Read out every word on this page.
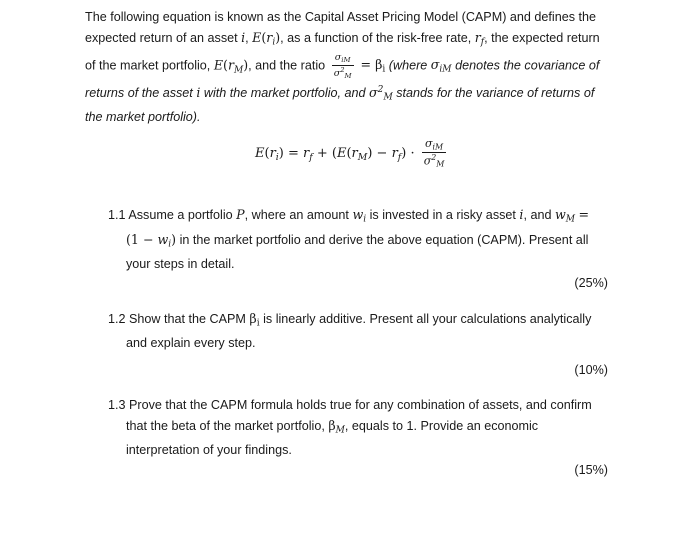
The following equation is known as the Capital Asset Pricing Model (CAPM) and defines the

expected return of an asset i, $E(r_i)$, as a function of the risk-free rate, $r_f$, the expected return

of the market portfolio, $E(r_M)$, and the ratio $\frac{\sigma_{iM}}{\sigma^2_M} = \beta_i$ (where $\sigma_{iM}$ denotes the covariance of

returns of the asset i with the market portfolio, and $\sigma^2_M$ stands for the variance of returns of

the market portfolio).

$E(r_i) = r_f + (E(r_M) - r_f) \cdot \frac{\sigma_{iM}}{\sigma^2_M}$
1.1 Assume a portfolio P, where an amount $w_i$ is invested in a risky asset i, and $w_M$ =
$(1 - w_i)$ in the market portfolio and derive the above equation (CAPM). Present all
your steps in detail.
(25%)
1.2 Show that the CAPM $\beta_i$ is linearly additive. Present all your calculations analytically
and explain every step.
(10%)
1.3 Prove that the CAPM formula holds true for any combination of assets, and confirm
that the beta of the market portfolio, $\beta_M$, equals to 1. Provide an economic
interpretation of your findings.
(15%)
